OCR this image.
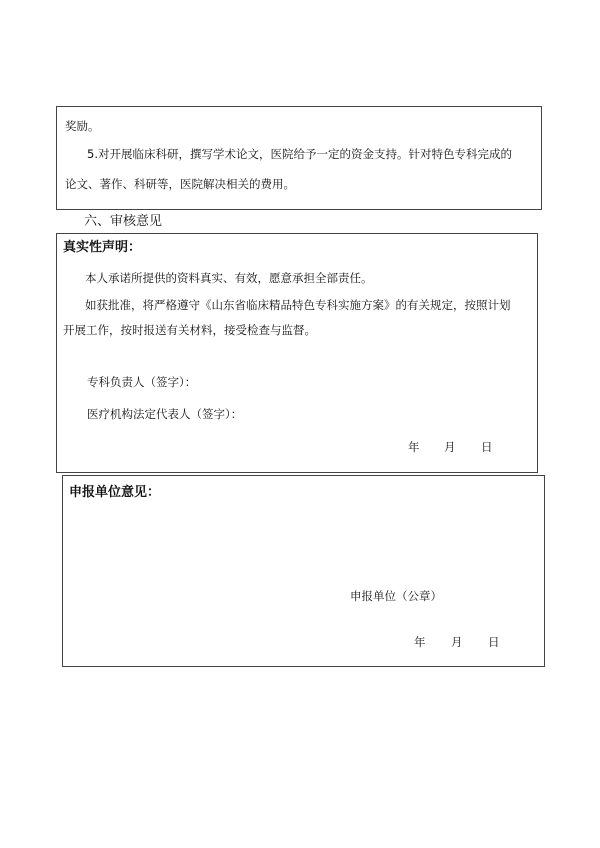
奖励。
5.对开展临床科研，撰写学术论文，医院给予一定的资金支持。针对特色专科完成的
论文、著作、科研等，医院解决相关的费用。
六、审核意见
真实性声明：
本人承诺所提供的资料真实、有效，愿意承担全部责任。
如获批准，将严格遵守《山东省临床精品特色专科实施方案》的有关规定，按照计划
开展工作，按时报送有关材料，接受检查与监督。
专科负责人（签字）：
医疗机构法定代表人（签字）：
年 月 日
申报单位意见：
申报单位（公章）
年 月 日
